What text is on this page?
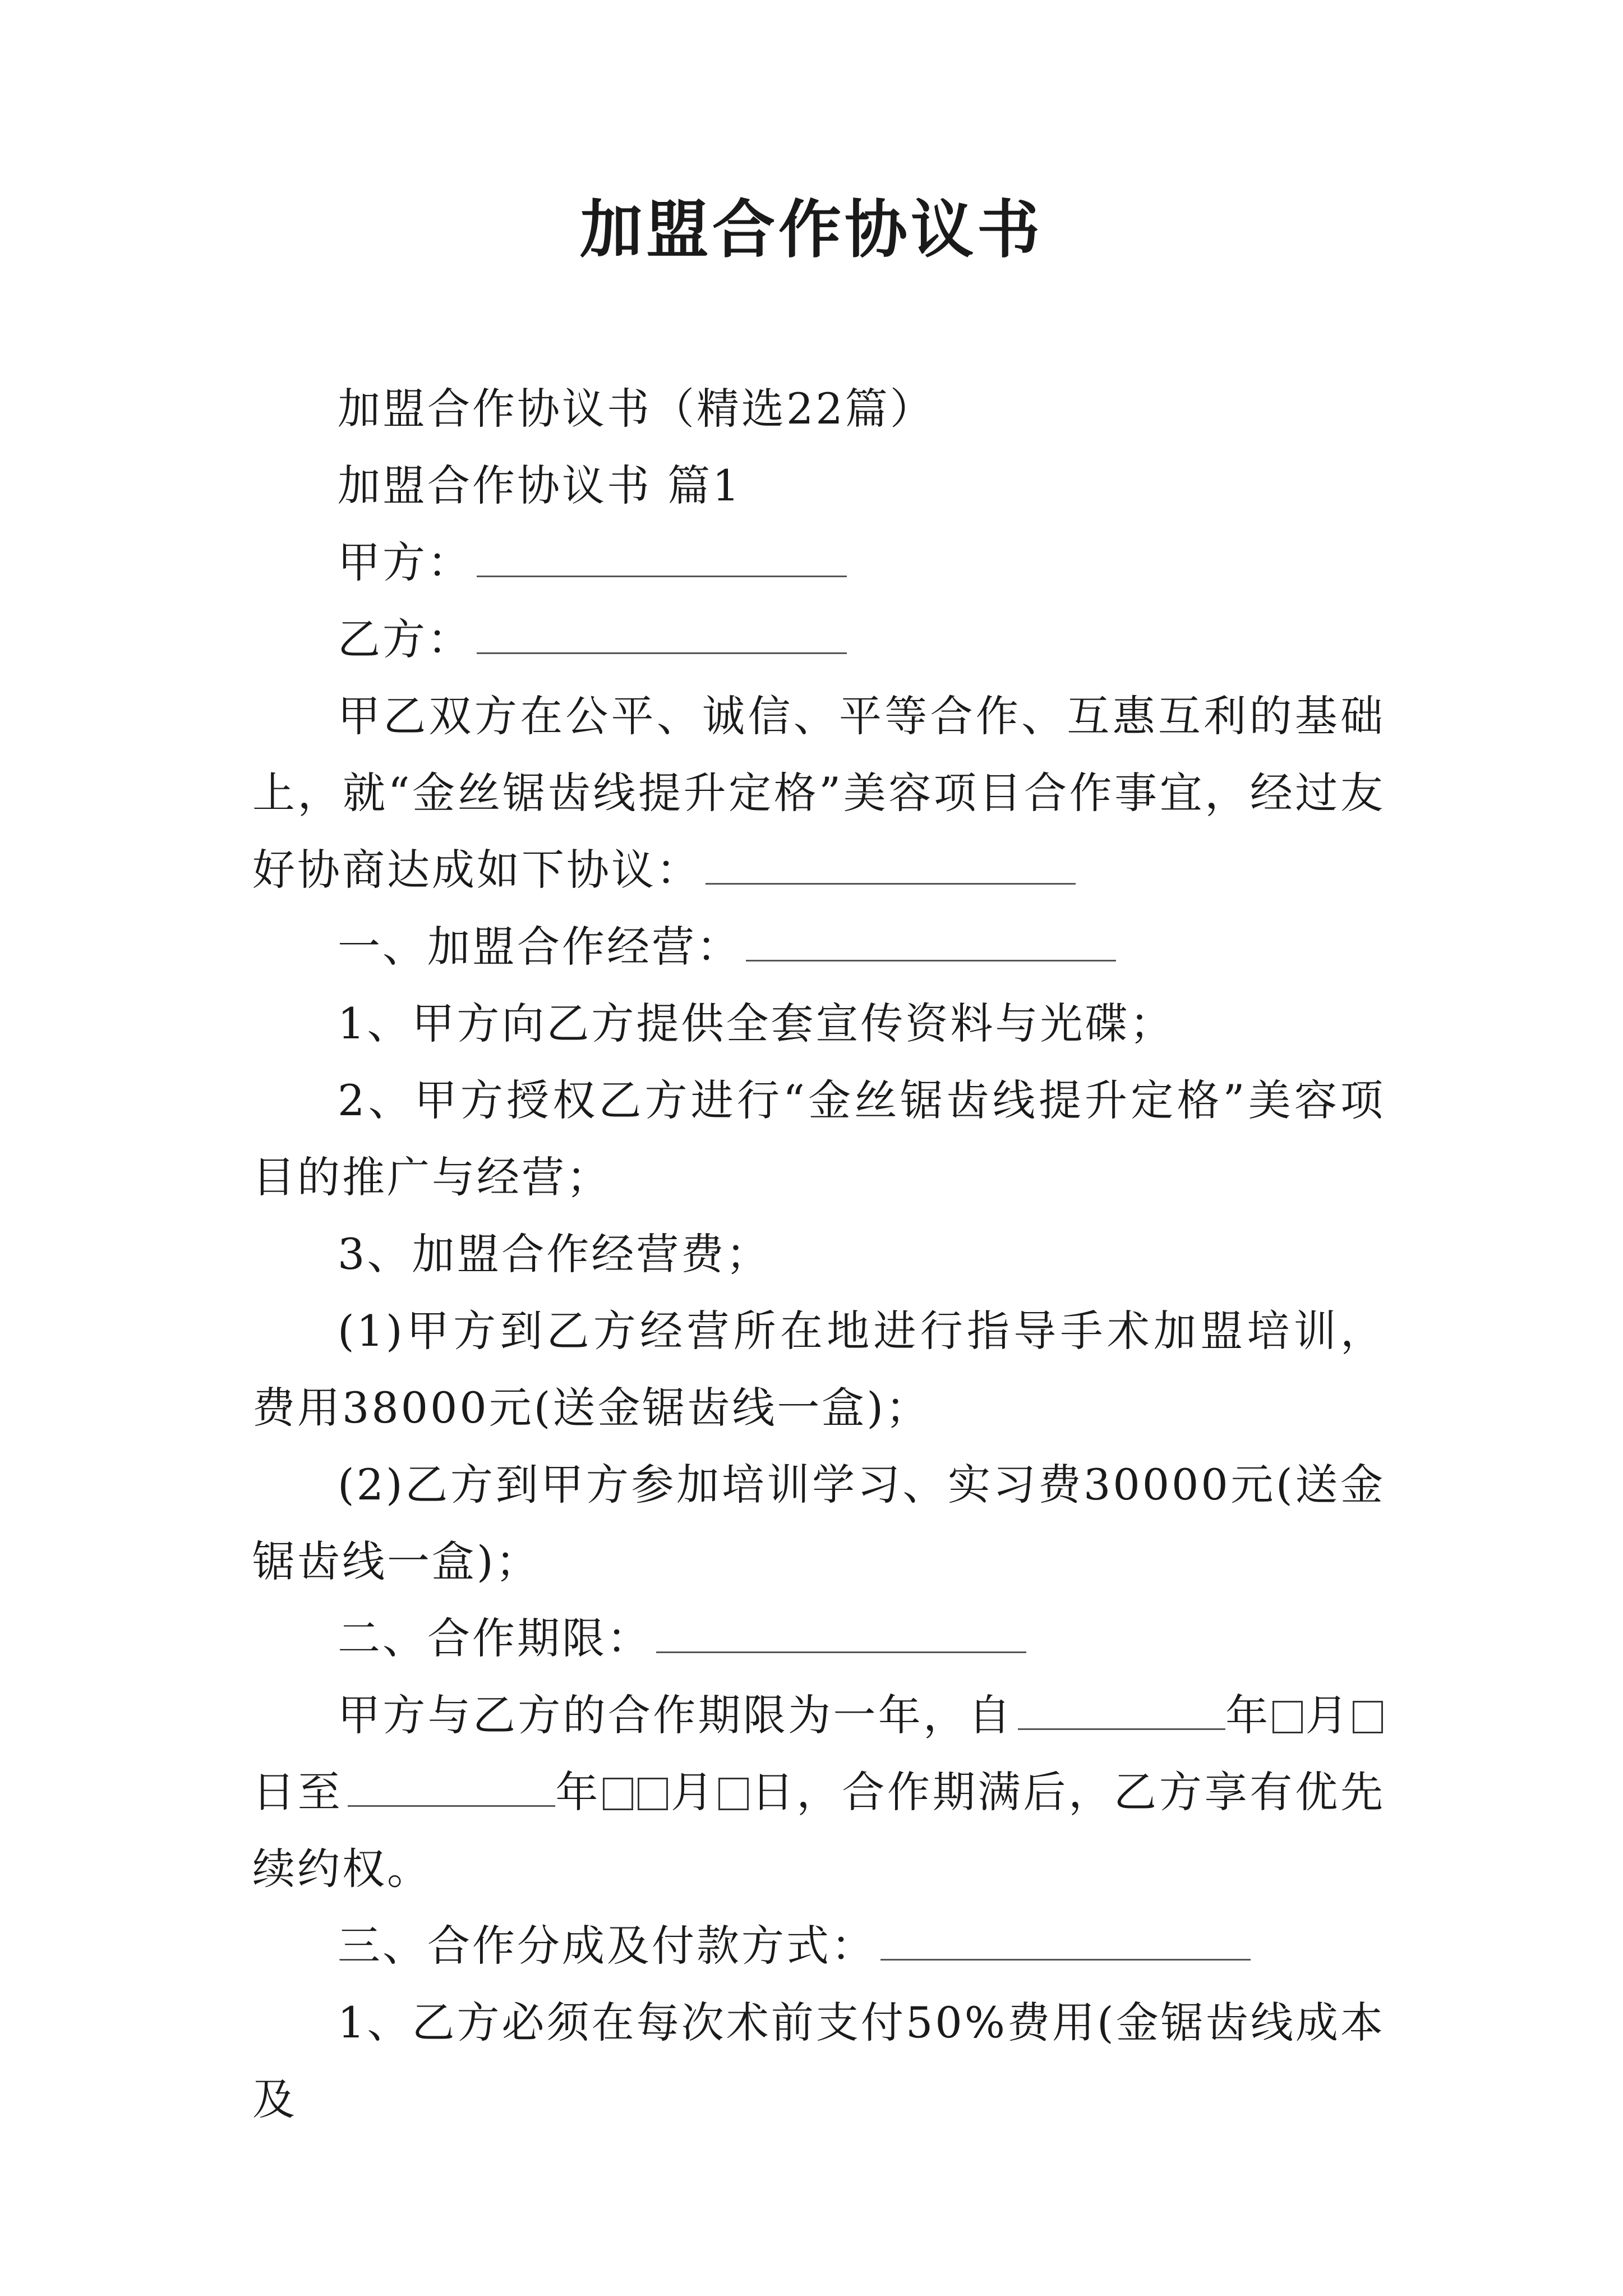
加盟合作协议书

加盟合作协议书（精选22篇）

加盟合作协议书 篇1

甲方：

乙方：

甲乙双方在公平、诚信、平等合作、互惠互利的基础上，就“金丝锯齿线提升定格”美容项目合作事宜，经过友好协商达成如下协议：

一、加盟合作经营：

1、甲方向乙方提供全套宣传资料与光碟；

2、甲方授权乙方进行“金丝锯齿线提升定格”美容项目的推广与经营；

3、加盟合作经营费；

(1)甲方到乙方经营所在地进行指导手术加盟培训，费用38000元(送金锯齿线一盒)；

(2)乙方到甲方参加培训学习、实习费30000元(送金锯齿线一盒)；

二、合作期限：

甲方与乙方的合作期限为一年，自	年 月日至	年 月 日，合作期满后，乙方享有优先续约权。

三、合作分成及付款方式：

1、乙方必须在每次术前支付50%费用(金锯齿线成本及
